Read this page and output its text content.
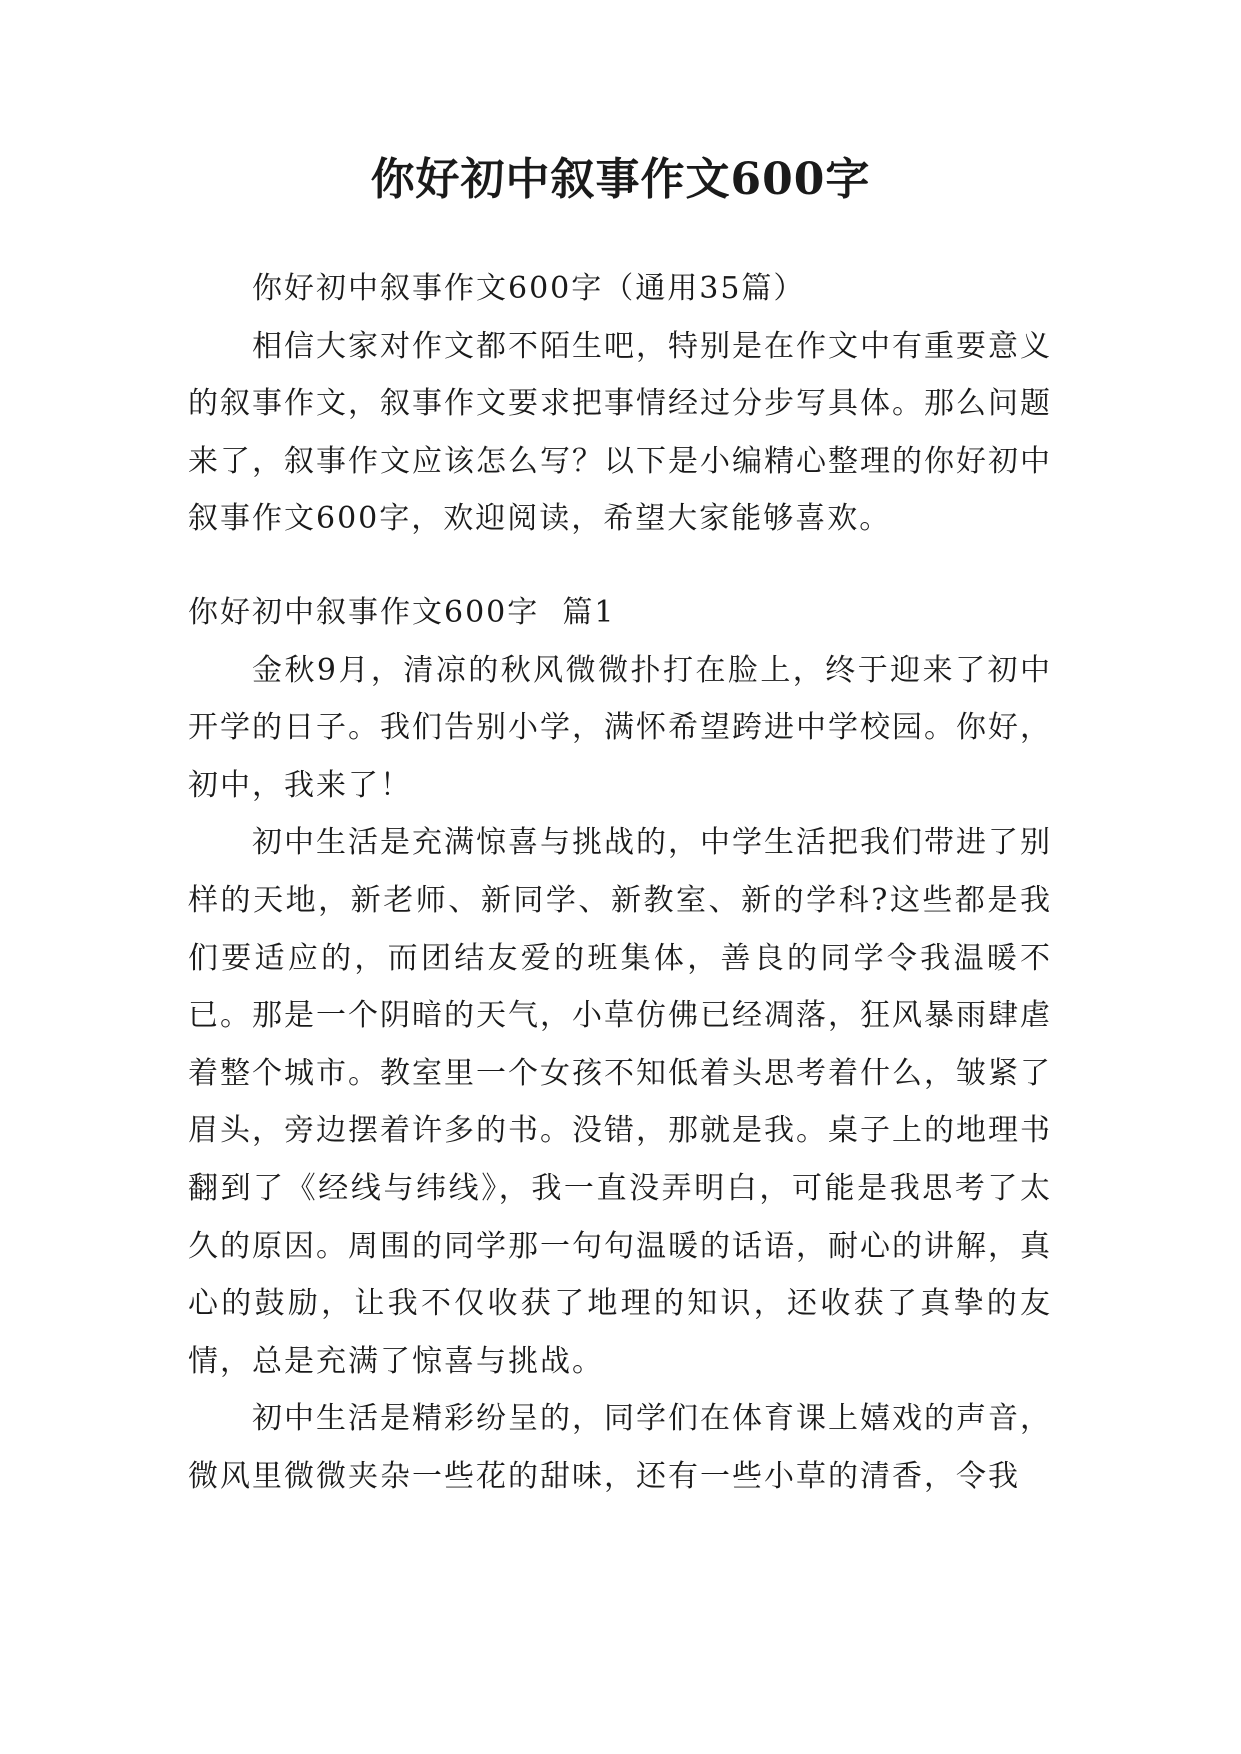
你好初中叙事作文600字

你好初中叙事作文600字（通用35篇）

相信大家对作文都不陌生吧，特别是在作文中有重要意义的叙事作文，叙事作文要求把事情经过分步写具体。那么问题来了，叙事作文应该怎么写？以下是小编精心整理的你好初中叙事作文600字，欢迎阅读，希望大家能够喜欢。

你好初中叙事作文600字  篇1

金秋9月，清凉的秋风微微扑打在脸上，终于迎来了初中开学的日子。我们告别小学，满怀希望跨进中学校园。你好，初中，我来了！

初中生活是充满惊喜与挑战的，中学生活把我们带进了别样的天地，新老师、新同学、新教室、新的学科?这些都是我们要适应的，而团结友爱的班集体，善良的同学令我温暖不已。那是一个阴暗的天气，小草仿佛已经凋落，狂风暴雨肆虐着整个城市。教室里一个女孩不知低着头思考着什么，皱紧了眉头，旁边摆着许多的书。没错，那就是我。桌子上的地理书翻到了《经线与纬线》，我一直没弄明白，可能是我思考了太久的原因。周围的同学那一句句温暖的话语，耐心的讲解，真心的鼓励，让我不仅收获了地理的知识，还收获了真挚的友情，总是充满了惊喜与挑战。

初中生活是精彩纷呈的，同学们在体育课上嬉戏的声音，微风里微微夹杂一些花的甜味，还有一些小草的清香，令我
